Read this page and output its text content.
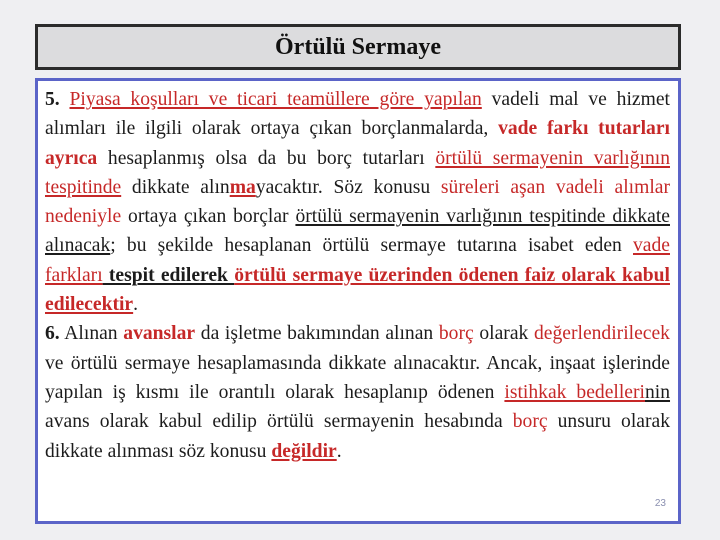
Örtülü Sermaye

5. Piyasa koşulları ve ticari teamüllere göre yapılan vadeli mal ve hizmet alımları ile ilgili olarak ortaya çıkan borçlanmalarda, vade farkı tutarları ayrıca hesaplanmış olsa da bu borç tutarları örtülü sermayenin varlığının tespitinde dikkate alınmayacaktır. Söz konusu süreleri aşan vadeli alımlar nedeniyle ortaya çıkan borçlar örtülü sermayenin varlığının tespitinde dikkate alınacak; bu şekilde hesaplanan örtülü sermaye tutarına isabet eden vade farkları tespit edilerek örtülü sermaye üzerinden ödenen faiz olarak kabul edilecektir.

6. Alınan avanslar da işletme bakımından alınan borç olarak değerlendirilecek ve örtülü sermaye hesaplamasında dikkate alınacaktır. Ancak, inşaat işlerinde yapılan iş kısmı ile orantılı olarak hesaplanıp ödenen istihkak bedellerinin avans olarak kabul edilip örtülü sermayenin hesabında borç unsuru olarak dikkate alınması söz konusu değildir.

23
